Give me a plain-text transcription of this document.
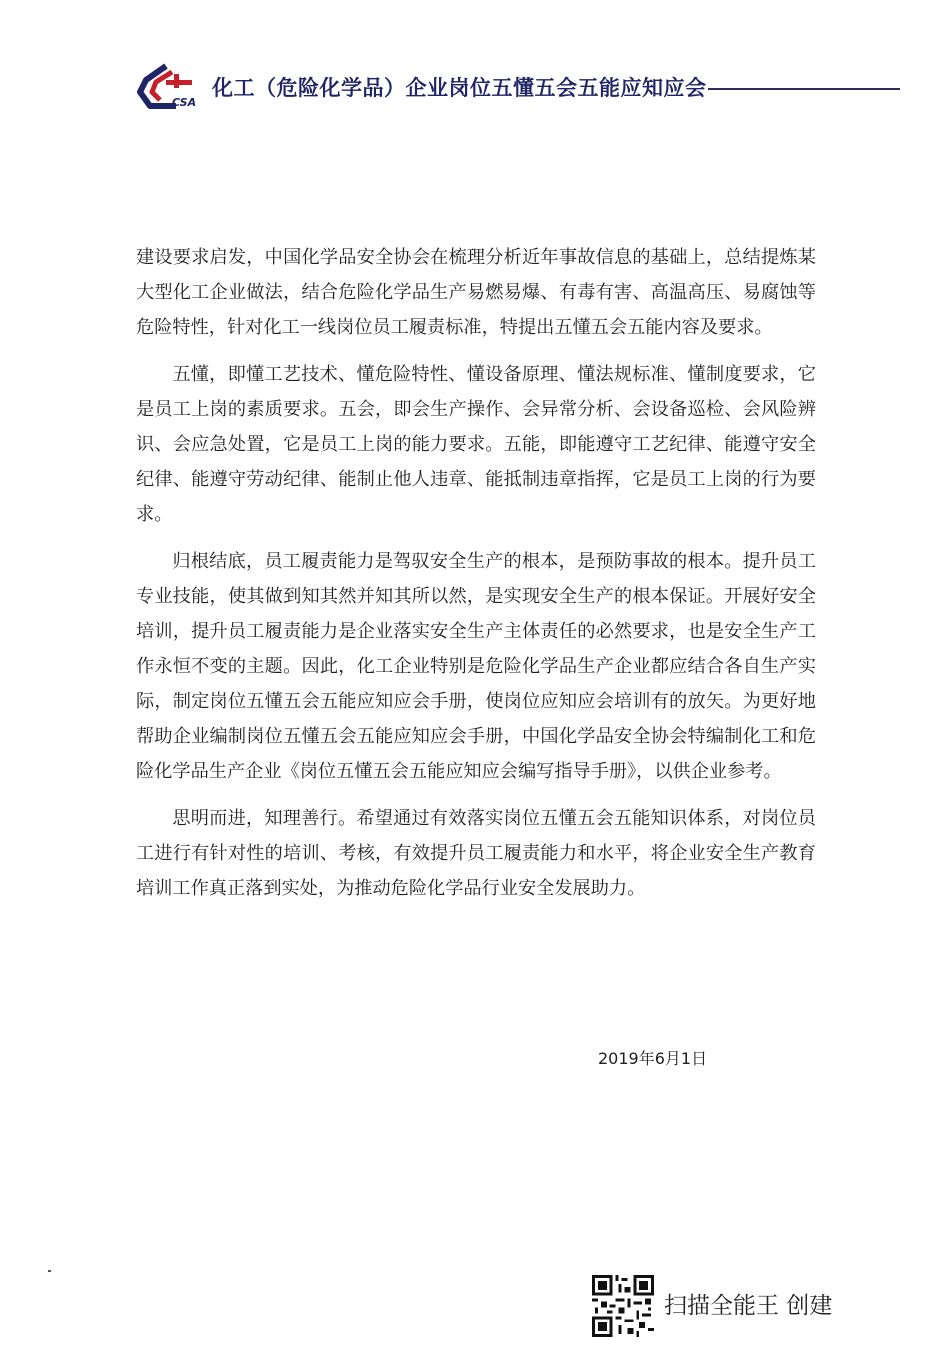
CSA
化工（危险化学品）企业岗位五懂五会五能应知应会

建设要求启发，中国化学品安全协会在梳理分析近年事故信息的基础上，总结提炼某大型化工企业做法，结合危险化学品生产易燃易爆、有毒有害、高温高压、易腐蚀等危险特性，针对化工一线岗位员工履责标准，特提出五懂五会五能内容及要求。

五懂，即懂工艺技术、懂危险特性、懂设备原理、懂法规标准、懂制度要求，它是员工上岗的素质要求。五会，即会生产操作、会异常分析、会设备巡检、会风险辨识、会应急处置，它是员工上岗的能力要求。五能，即能遵守工艺纪律、能遵守安全纪律、能遵守劳动纪律、能制止他人违章、能抵制违章指挥，它是员工上岗的行为要求。

归根结底，员工履责能力是驾驭安全生产的根本，是预防事故的根本。提升员工专业技能，使其做到知其然并知其所以然，是实现安全生产的根本保证。开展好安全培训，提升员工履责能力是企业落实安全生产主体责任的必然要求，也是安全生产工作永恒不变的主题。因此，化工企业特别是危险化学品生产企业都应结合各自生产实际，制定岗位五懂五会五能应知应会手册，使岗位应知应会培训有的放矢。为更好地帮助企业编制岗位五懂五会五能应知应会手册，中国化学品安全协会特编制化工和危险化学品生产企业《岗位五懂五会五能应知应会编写指导手册》，以供企业参考。

思明而进，知理善行。希望通过有效落实岗位五懂五会五能知识体系，对岗位员工进行有针对性的培训、考核，有效提升员工履责能力和水平，将企业安全生产教育培训工作真正落到实处，为推动危险化学品行业安全发展助力。

2019年6月1日
扫描全能王 创建
